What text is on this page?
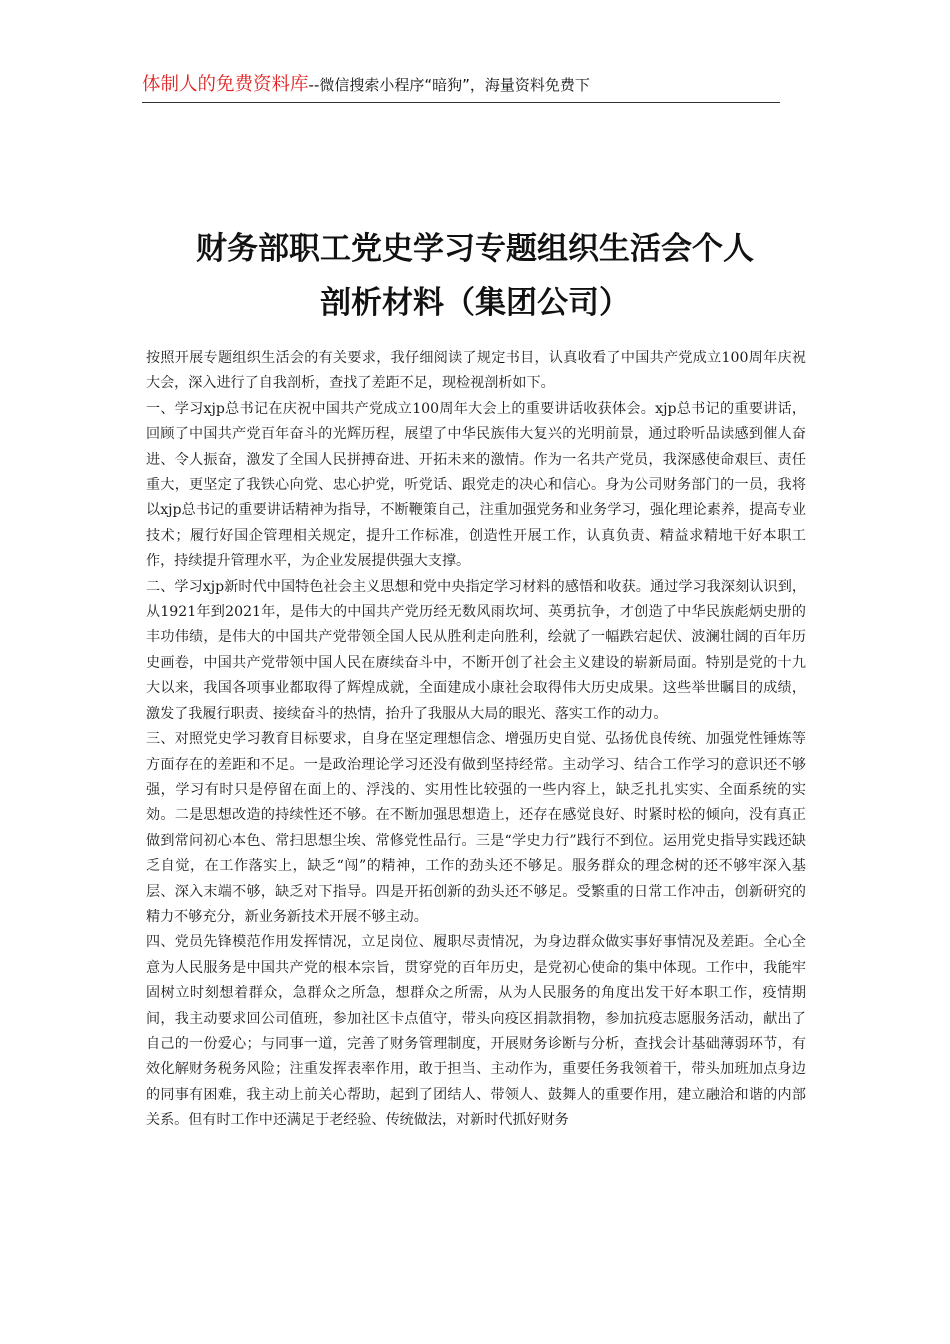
体制人的免费资料库--微信搜索小程序“暗狗”，海量资料免费下
财务部职工党史学习专题组织生活会个人
剖析材料（集团公司）

按照开展专题组织生活会的有关要求，我仔细阅读了规定书目，认真收看了中国共产党成立100周年庆祝大会，深入进行了自我剖析，查找了差距不足，现检视剖析如下。

一、学习xjp总书记在庆祝中国共产党成立100周年大会上的重要讲话收获体会。xjp总书记的重要讲话，回顾了中国共产党百年奋斗的光辉历程，展望了中华民族伟大复兴的光明前景，通过聆听品读感到催人奋进、令人振奋，激发了全国人民拼搏奋进、开拓未来的激情。作为一名共产党员，我深感使命艰巨、责任重大，更坚定了我铁心向党、忠心护党，听党话、跟党走的决心和信心。身为公司财务部门的一员，我将以xjp总书记的重要讲话精神为指导，不断鞭策自己，注重加强党务和业务学习，强化理论素养，提高专业技术；履行好国企管理相关规定，提升工作标准，创造性开展工作，认真负责、精益求精地干好本职工作，持续提升管理水平，为企业发展提供强大支撑。

二、学习xjp新时代中国特色社会主义思想和党中央指定学习材料的感悟和收获。通过学习我深刻认识到，从1921年到2021年，是伟大的中国共产党历经无数风雨坎坷、英勇抗争，才创造了中华民族彪炳史册的丰功伟绩，是伟大的中国共产党带领全国人民从胜利走向胜利，绘就了一幅跌宕起伏、波澜壮阔的百年历史画卷，中国共产党带领中国人民在赓续奋斗中，不断开创了社会主义建设的崭新局面。特别是党的十九大以来，我国各项事业都取得了辉煌成就，全面建成小康社会取得伟大历史成果。这些举世瞩目的成绩，激发了我履行职责、接续奋斗的热情，抬升了我服从大局的眼光、落实工作的动力。

三、对照党史学习教育目标要求，自身在坚定理想信念、增强历史自觉、弘扬优良传统、加强党性锤炼等方面存在的差距和不足。一是政治理论学习还没有做到坚持经常。主动学习、结合工作学习的意识还不够强，学习有时只是停留在面上的、浮浅的、实用性比较强的一些内容上，缺乏扎扎实实、全面系统的实効。二是思想改造的持续性还不够。在不断加强思想造上，还存在感觉良好、时紧时松的倾向，没有真正做到常问初心本色、常扫思想尘埃、常修党性品行。三是“学史力行”践行不到位。运用党史指导实践还缺乏自觉，在工作落实上，缺乏“闯”的精神，工作的劲头还不够足。服务群众的理念树的还不够牢深入基层、深入末端不够，缺乏对下指导。四是开拓创新的劲头还不够足。受繁重的日常工作冲击，创新研究的精力不够充分，新业务新技术开展不够主动。

四、党员先锋模范作用发挥情况，立足岗位、履职尽责情况，为身边群众做实事好事情况及差距。全心全意为人民服务是中国共产党的根本宗旨，贯穿党的百年历史，是党初心使命的集中体现。工作中，我能牢固树立时刻想着群众，急群众之所急，想群众之所需，从为人民服务的角度出发干好本职工作，疫情期间，我主动要求回公司值班，参加社区卡点值守，带头向疫区捐款捐物，参加抗疫志愿服务活动，献出了自己的一份爱心；与同事一道，完善了财务管理制度，开展财务诊断与分析，查找会计基础薄弱环节，有效化解财务税务风险；注重发挥表率作用，敢于担当、主动作为，重要任务我领着干，带头加班加点身边的同事有困难，我主动上前关心帮助，起到了团结人、带领人、鼓舞人的重要作用，建立融洽和谐的内部关系。但有时工作中还满足于老经验、传统做法，对新时代抓好财务
